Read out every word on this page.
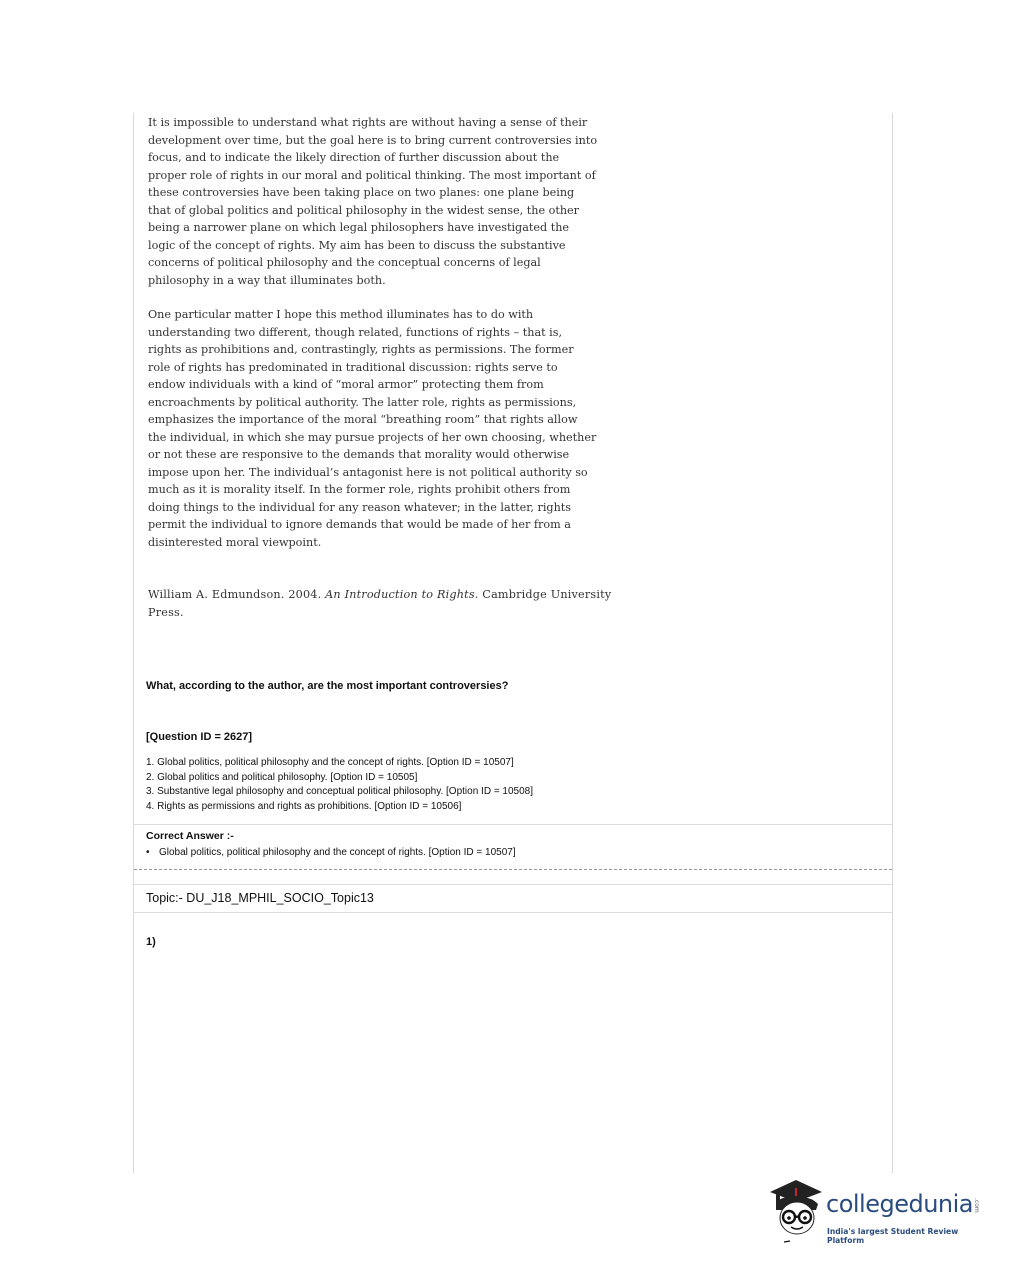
It is impossible to understand what rights are without having a sense of their development over time, but the goal here is to bring current controversies into focus, and to indicate the likely direction of further discussion about the proper role of rights in our moral and political thinking. The most important of these controversies have been taking place on two planes: one plane being that of global politics and political philosophy in the widest sense, the other being a narrower plane on which legal philosophers have investigated the logic of the concept of rights. My aim has been to discuss the substantive concerns of political philosophy and the conceptual concerns of legal philosophy in a way that illuminates both.

One particular matter I hope this method illuminates has to do with understanding two different, though related, functions of rights – that is, rights as prohibitions and, contrastingly, rights as permissions. The former role of rights has predominated in traditional discussion: rights serve to endow individuals with a kind of “moral armor” protecting them from encroachments by political authority. The latter role, rights as permissions, emphasizes the importance of the moral “breathing room” that rights allow the individual, in which she may pursue projects of her own choosing, whether or not these are responsive to the demands that morality would otherwise impose upon her. The individual’s antagonist here is not political authority so much as it is morality itself. In the former role, rights prohibit others from doing things to the individual for any reason whatever; in the latter, rights permit the individual to ignore demands that would be made of her from a disinterested moral viewpoint.

William A. Edmundson. 2004. An Introduction to Rights. Cambridge University Press.
What, according to the author, are the most important controversies?
[Question ID = 2627]
1. Global politics, political philosophy and the concept of rights. [Option ID = 10507]
2. Global politics and political philosophy. [Option ID = 10505]
3. Substantive legal philosophy and conceptual political philosophy. [Option ID = 10508]
4. Rights as permissions and rights as prohibitions. [Option ID = 10506]
Correct Answer :-
• Global politics, political philosophy and the concept of rights. [Option ID = 10507]
Topic:- DU_J18_MPHIL_SOCIO_Topic13
1)
collegedunia .com
India's largest Student Review Platform
